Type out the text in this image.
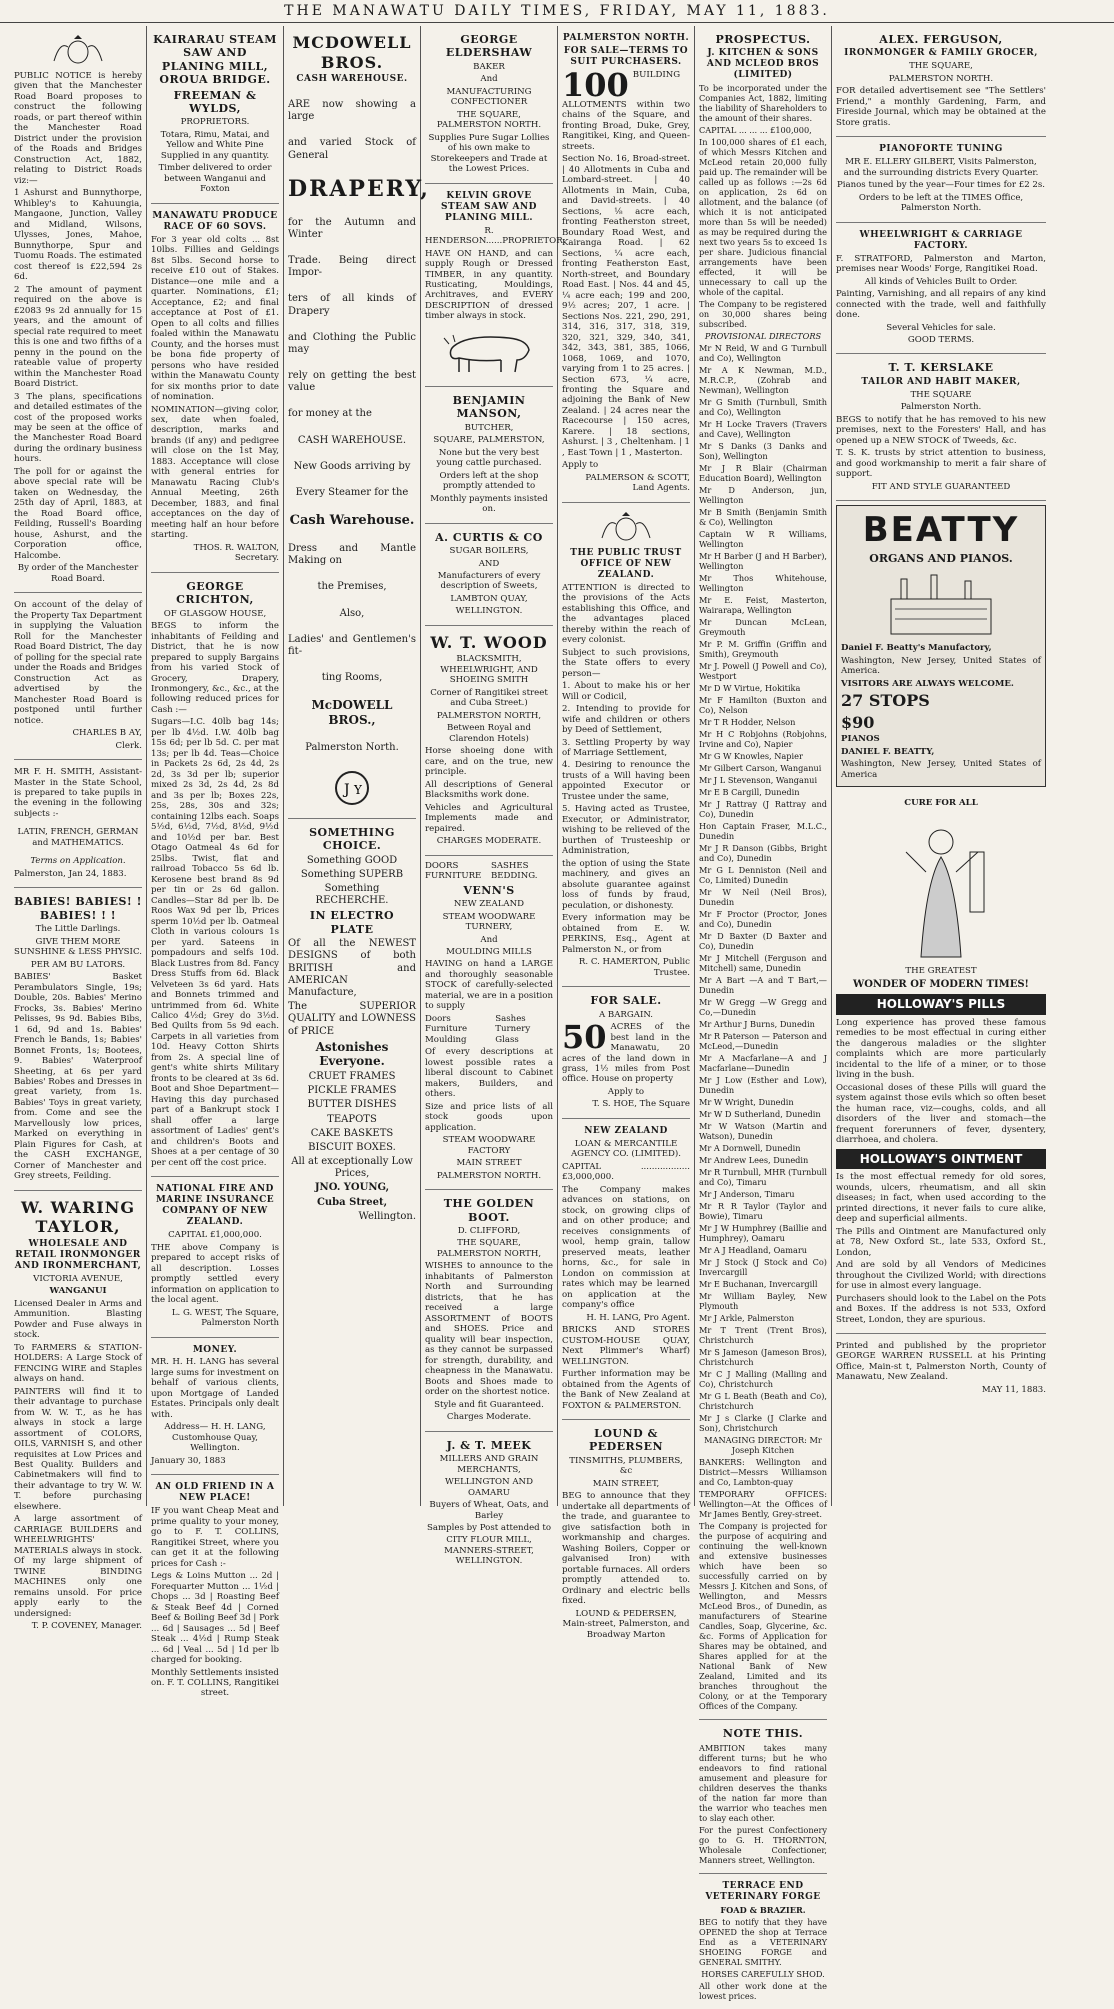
THE MANAWATU DAILY TIMES, FRIDAY, MAY 11, 1883.

PUBLIC NOTICE is hereby given that the Manchester Road Board proposes to construct the following roads, or part thereof within the Manchester Road District under the provision of the Roads and Bridges Construction Act, 1882, relating to District Roads viz:—

1 Ashurst and Bunnythorpe, Whibley's to Kahuungia, Mangaone, Junction, Valley and Midland, Wilsons, Ulysses, Jones, Mahoe, Bunnythorpe, Spur and Tuomu Roads. The estimated cost thereof is £22,594 2s 6d.

2 The amount of payment required on the above is £2083 9s 2d annually for 15 years, and the amount of special rate required to meet this is one and two fifths of a penny in the pound on the rateable value of property within the Manchester Road Board District.

3 The plans, specifications and detailed estimates of the cost of the proposed works may be seen at the office of the Manchester Road Board during the ordinary business hours.

The poll for or against the above special rate will be taken on Wednesday, the 25th day of April, 1883, at the Road Board office, Feilding, Russell's Boarding house, Ashurst, and the Corporation office, Halcombe.

By order of the Manchester Road Board.

On account of the delay of the Property Tax Department in supplying the Valuation Roll for the Manchester Road Board District, The day of polling for the special rate under the Roads and Bridges Construction Act as advertised by the Manchester Road Board is postponed until further notice.

CHARLES B AY,

Clerk.

MR F. H. SMITH, Assistant-Master in the State School, is prepared to take pupils in the evening in the following subjects :-

LATIN, FRENCH, GERMAN and MATHEMATICS.

Terms on Application.

Palmerston, Jan 24, 1883.

BABIES! BABIES! ! BABIES! ! !

The Little Darlings.

GIVE THEM MORE SUNSHINE & LESS PHYSIC.

PER AM BU LATORS.

BABIES' Basket Perambulators Single, 19s; Double, 20s. Babies' Merino Frocks, 3s. Babies' Merino Pelisses, 9s 9d. Babies Bibs, 1 6d, 9d and 1s. Babies' French le Bands, 1s; Babies' Bonnet Fronts, 1s; Bootees, 9. Babies' Waterproof Sheeting, at 6s per yard Babies' Robes and Dresses in great variety, from 1s. Babies' Toys in great variety, from. Come and see the Marvellously low prices, Marked on everything in Plain Figures for Cash, at the CASH EXCHANGE, Corner of Manchester and Grey streets, Feilding.

W. WARING TAYLOR,
WHOLESALE AND RETAIL IRONMONGER AND IRONMERCHANT,

VICTORIA AVENUE,

WANGANUI

Licensed Dealer in Arms and Ammunition. Blasting Powder and Fuse always in stock.

To FARMERS & STATION-HOLDERS: A Large Stock of FENCING WIRE and Staples always on hand.

PAINTERS will find it to their advantage to purchase from W. W. T., as he has always in stock a large assortment of COLORS, OILS, VARNISH S, and other requisites at Low Prices and Best Quality. Builders and Cabinetmakers will find to their advantage to try W. W. T. before purchasing elsewhere.

A large assortment of CARRIAGE BUILDERS and WHEELWRIGHTS' MATERIALS always in stock. Of my large shipment of TWINE BINDING MACHINES only one remains unsold. For price apply early to the undersigned:

T. P. COVENEY, Manager.

KAIRARAU STEAM SAW AND PLANING MILL, OROUA BRIDGE.
FREEMAN & WYLDS,

PROPRIETORS.

Totara, Rimu, Matai, and Yellow and White Pine Supplied in any quantity.

Timber delivered to order between Wanganui and Foxton

MANAWATU PRODUCE RACE OF 60 SOVS.

For 3 year old colts ... 8st 10lbs. Fillies and Geldings 8st 5lbs. Second horse to receive £10 out of Stakes. Distance—one mile and a quarter. Nominations, £1; Acceptance, £2; and final acceptance at Post of £1. Open to all colts and fillies foaled within the Manawatu County, and the horses must be bona fide property of persons who have resided within the Manawatu County for six months prior to date of nomination.

NOMINATION—giving color, sex, date when foaled, description, marks and brands (if any) and pedigree will close on the 1st May, 1883. Acceptance will close with general entries for Manawatu Racing Club's Annual Meeting, 26th December, 1883, and final acceptances on the day of meeting half an hour before starting.

THOS. R. WALTON, Secretary.

GEORGE CRICHTON,

OF GLASGOW HOUSE,

BEGS to inform the inhabitants of Feilding and District, that he is now prepared to supply Bargains from his varied Stock of Grocery, Drapery, Ironmongery, &c., &c., at the following reduced prices for Cash :—

Sugars—I.C. 40lb bag 14s; per lb 4½d. I.W. 40lb bag 15s 6d; per lb 5d. C. per mat 13s; per lb 4d. Teas—Choice in Packets 2s 6d, 2s 4d, 2s 2d, 3s 3d per lb; superior mixed 2s 3d, 2s 4d, 2s 8d and 3s per lb; Boxes 22s, 25s, 28s, 30s and 32s; containing 12lbs each. Soaps 5½d, 6½d, 7½d, 8½d, 9½d and 10½d per bar. Best Otago Oatmeal 4s 6d for 25lbs. Twist, flat and railroad Tobacco 5s 6d lb. Kerosene best brand 8s 9d per tin or 2s 6d gallon. Candles—Star 8d per lb. De Roos Wax 9d per lb, Prices sperm 10½d per lb. Oatmeal Cloth in various colours 1s per yard. Sateens in pompadours and selfs 10d. Black Lustres from 8d. Fancy Dress Stuffs from 6d. Black Velveteen 3s 6d yard. Hats and Bonnets trimmed and untrimmed from 6d. White Calico 4½d; Grey do 3½d. Bed Quilts from 5s 9d each. Carpets in all varieties from 10d. Heavy Cotton Shirts from 2s. A special line of gent's white shirts Military fronts to be cleared at 3s 6d. Boot and Shoe Department—Having this day purchased part of a Bankrupt stock I shall offer a large assortment of Ladies' gent's and children's Boots and Shoes at a per centage of 30 per cent off the cost price.

NATIONAL FIRE AND MARINE INSURANCE COMPANY OF NEW ZEALAND.

CAPITAL £1,000,000.

THE above Company is prepared to accept risks of all description. Losses promptly settled every information on application to the local agent.

L. G. WEST, The Square, Palmerston North

MONEY.

MR. H. H. LANG has several large sums for investment on behalf of various clients, upon Mortgage of Landed Estates. Principals only dealt with.

Address— H. H. LANG, Customhouse Quay, Wellington.

January 30, 1883

AN OLD FRIEND IN A NEW PLACE!

IF you want Cheap Meat and prime quality to your money, go to F. T. COLLINS, Rangitikei Street, where you can get it at the following prices for Cash :-

Legs & Loins Mutton ... 2d | Forequarter Mutton ... 1½d | Chops ... 3d | Roasting Beef & Steak Beef 4d | Corned Beef & Boiling Beef 3d | Pork ... 6d | Sausages ... 5d | Beef Steak ... 4½d | Rump Steak ... 6d | Veal ... 5d | 1d per lb charged for booking.

Monthly Settlements insisted on. F. T. COLLINS, Rangitikei street.

MCDOWELL BROS.
CASH WAREHOUSE.

ARE now showing a large

and varied Stock of General

DRAPERY,

for the Autumn and Winter

Trade. Being direct Impor-

ters of all kinds of Drapery

and Clothing the Public may

rely on getting the best value

for money at the

CASH WAREHOUSE.

New Goods arriving by

Every Steamer for the

Cash Warehouse.

Dress and Mantle Making on

the Premises,

Also,

Ladies' and Gentlemen's fit-

ting Rooms,

McDOWELL BROS.,

Palmerston North.

J Y
SOMETHING CHOICE.

Something GOOD

Something SUPERB

Something RECHERCHE.

IN ELECTRO PLATE

Of all the NEWEST DESIGNS of both BRITISH and AMERICAN Manufacture,

The SUPERIOR QUALITY and LOWNESS of PRICE

Astonishes Everyone.

CRUET FRAMES

PICKLE FRAMES

BUTTER DISHES

TEAPOTS

CAKE BASKETS

BISCUIT BOXES.

All at exceptionally Low Prices,

JNO. YOUNG,

Cuba Street,

Wellington.

GEORGE ELDERSHAW

BAKER

And

MANUFACTURING CONFECTIONER

THE SQUARE, PALMERSTON NORTH.

Supplies Pure Sugar Lollies of his own make to Storekeepers and Trade at the Lowest Prices.

KELVIN GROVE STEAM SAW AND PLANING MILL.

R. HENDERSON......PROPRIETOR.

HAVE ON HAND, and can supply Rough or Dressed TIMBER, in any quantity. Rusticating, Mouldings, Architraves, and EVERY DESCRIPTION of dressed timber always in stock.

BENJAMIN MANSON,

BUTCHER,

SQUARE, PALMERSTON,

None but the very best young cattle purchased.

Orders left at the shop promptly attended to

Monthly payments insisted on.

A. CURTIS & CO

SUGAR BOILERS,

AND

Manufacturers of every description of Sweets,

LAMBTON QUAY,

WELLINGTON.

W. T. WOOD

BLACKSMITH, WHEELWRIGHT, AND SHOEING SMITH

Corner of Rangitikei street and Cuba Street.)

PALMERSTON NORTH,

Between Royal and Clarendon Hotels)

Horse shoeing done with care, and on the true, new principle.

All descriptions of General Blacksmiths work done.

Vehicles and Agricultural Implements made and repaired.

CHARGES MODERATE.

DOORS FURNITURE
SASHES BEDDING.
VENN'S

NEW ZEALAND

STEAM WOODWARE TURNERY,

And

MOULDING MILLS

HAVING on hand a LARGE and thoroughly seasonable STOCK of carefully-selected material, we are in a position to supply

Doors Furniture Moulding
Sashes Turnery Glass

Of every descriptions at lowest possible rates a liberal discount to Cabinet makers, Builders, and others.

Size and price lists of all stock goods upon application.

STEAM WOODWARE FACTORY

MAIN STREET

PALMERSTON NORTH.

THE GOLDEN BOOT.

D. CLIFFORD,

THE SQUARE, PALMERSTON NORTH,

WISHES to announce to the inhabitants of Palmerston North and Surrounding districts, that he has received a large ASSORTMENT of BOOTS and SHOES. Price and quality will bear inspection, as they cannot be surpassed for strength, durability, and cheapness in the Manawatu. Boots and Shoes made to order on the shortest notice.

Style and fit Guaranteed.

Charges Moderate.

J. & T. MEEK

MILLERS AND GRAIN MERCHANTS,

WELLINGTON AND OAMARU

Buyers of Wheat, Oats, and Barley

Samples by Post attended to

CITY FLOUR MILL, MANNERS-STREET, WELLINGTON.

PALMERSTON NORTH.
FOR SALE—TERMS TO SUIT PURCHASERS.
100 BUILDING ALLOTMENTS within two chains of the Square, and fronting Broad, Duke, Grey, Rangitikei, King, and Queen-streets.

Section No. 16, Broad-street. | 40 Allotments in Cuba and Lombard-street. | 40 Allotments in Main, Cuba, and David-streets. | 40 Sections, ⅛ acre each, fronting Featherston street, Boundary Road West, and Kairanga Road. | 62 Sections, ¼ acre each, fronting Featherston East, North-street, and Boundary Road East. | Nos. 44 and 45, ¼ acre each; 199 and 200, 9½ acres; 207, 1 acre. | Sections Nos. 221, 290, 291, 314, 316, 317, 318, 319, 320, 321, 329, 340, 341, 342, 343, 381, 385, 1066, 1068, 1069, and 1070, varying from 1 to 25 acres. | Section 673, ¼ acre, fronting the Square and adjoining the Bank of New Zealand. | 24 acres near the Racecourse | 150 acres, Karere. | 18 sections, Ashurst. | 3 , Cheltenham. | 1 , East Town | 1 , Masterton.

Apply to

PALMERSON & SCOTT, Land Agents.

THE PUBLIC TRUST OFFICE OF NEW ZEALAND.

ATTENTION is directed to the provisions of the Acts establishing this Office, and the advantages placed thereby within the reach of every colonist.

Subject to such provisions, the State offers to every person—

1. About to make his or her Will or Codicil,

2. Intending to provide for wife and children or others by Deed of Settlement,

3. Settling Property by way of Marriage Settlement,

4. Desiring to renounce the trusts of a Will having been appointed Executor or Trustee under the same,

5. Having acted as Trustee, Executor, or Administrator, wishing to be relieved of the burthen of Trusteeship or Administration,

the option of using the State machinery, and gives an absolute guarantee against loss of funds by fraud, peculation, or dishonesty.

Every information may be obtained from E. W. PERKINS, Esq., Agent at Palmerston N., or from

R. C. HAMERTON, Public Trustee.

FOR SALE.

A BARGAIN.

50 ACRES of the best land in the Manawatu, 20 acres of the land down in grass, 1½ miles from Post office. House on property

Apply to

T. S. HOE, The Square

NEW ZEALAND

LOAN & MERCANTILE AGENCY CO. (LIMITED).

CAPITAL .................. £3,000,000.

The Company makes advances on stations, on stock, on growing clips of and on other produce; and receives consignments of wool, hemp grain, tallow preserved meats, leather horns, &c., for sale in London on commission at rates which may be learned on application at the company's office

H. H. LANG, Pro Agent.

BRICKS AND STORES CUSTOM-HOUSE QUAY, Next Plimmer's Wharf) WELLINGTON.

Further information may be obtained from the Agents of the Bank of New Zealand at FOXTON & PALMERSTON.

LOUND & PEDERSEN

TINSMITHS, PLUMBERS, &c

MAIN STREET,

BEG to announce that they undertake all departments of the trade, and guarantee to give satisfaction both in workmanship and charges. Washing Boilers, Copper or galvanised Iron) with portable furnaces. All orders promptly attended to. Ordinary and electric bells fixed.

LOUND & PEDERSEN, Main-street, Palmerston, and Broadway Marton

PROSPECTUS.
J. KITCHEN & SONS AND MCLEOD BROS (LIMITED)

To be incorporated under the Companies Act, 1882, limiting the liability of Shareholders to the amount of their shares.

CAPITAL ... ... ... £100,000,

In 100,000 shares of £1 each, of which Messrs Kitchen and McLeod retain 20,000 fully paid up. The remainder will be called up as follows :—2s 6d on application, 2s 6d on allotment, and the balance (of which it is not anticipated more than 5s will be needed) as may be required during the next two years 5s to exceed 1s per share. Judicious financial arrangements have been effected, it will be unnecessary to call up the whole of the capital.

The Company to be registered on 30,000 shares being subscribed.

PROVISIONAL DIRECTORS

Mr N Reid, W and G Turnbull and Co), Wellington

Mr A K Newman, M.D., M.R.C.P., (Zohrab and Newman), Wellington

Mr G Smith (Turnbull, Smith and Co), Wellington

Mr H Locke Travers (Travers and Cave), Wellington

Mr S Danks (3 Danks and Son), Wellington

Mr J R Blair (Chairman Education Board), Wellington

Mr D Anderson, jun, Wellington

Mr B Smith (Benjamin Smith & Co), Wellington

Captain W R Williams, Wellington

Mr H Barber (J and H Barber), Wellington

Mr Thos Whitehouse, Wellington

Mr E. Feist, Masterton, Wairarapa, Wellington

Mr Duncan McLean, Greymouth

Mr P. M. Griffin (Griffin and Smith), Greymouth

Mr J. Powell (J Powell and Co), Westport

Mr D W Virtue, Hokitika

Mr F Hamilton (Buxton and Co), Nelson

Mr T R Hodder, Nelson

Mr H C Robjohns (Robjohns, Irvine and Co), Napier

Mr G W Knowles, Napier

Mr Gilbert Carson, Wanganui

Mr J L Stevenson, Wanganui

Mr E B Cargill, Dunedin

Mr J Rattray (J Rattray and Co), Dunedin

Hon Captain Fraser, M.L.C., Dunedin

Mr J R Danson (Gibbs, Bright and Co), Dunedin

Mr G L Denniston (Neil and Co, Limited) Dunedin

Mr W Neil (Neil Bros), Dunedin

Mr F Proctor (Proctor, Jones and Co), Dunedin

Mr D Baxter (D Baxter and Co), Dunedin

Mr J Mitchell (Ferguson and Mitchell) same, Dunedin

Mr A Bart —A and T Bart,—Dunedin

Mr W Gregg —W Gregg and Co,—Dunedin

Mr Arthur J Burns, Dunedin

Mr R Paterson — Paterson and McLeod,—Dunedin

Mr A Macfarlane—A and J Macfarlane—Dunedin

Mr J Low (Esther and Low), Dunedin

Mr W Wright, Dunedin

Mr W D Sutherland, Dunedin

Mr W Watson (Martin and Watson), Dunedin

Mr A Dornwell, Dunedin

Mr Andrew Lees, Dunedin

Mr R Turnbull, MHR (Turnbull and Co), Timaru

Mr J Anderson, Timaru

Mr R R Taylor (Taylor and Bowie), Timaru

Mr J W Humphrey (Baillie and Humphrey), Oamaru

Mr A J Headland, Oamaru

Mr J Stock (J Stock and Co) Invercargill

Mr E Buchanan, Invercargill

Mr William Bayley, New Plymouth

Mr J Arkle, Palmerston

Mr T Trent (Trent Bros), Christchurch

Mr S Jameson (Jameson Bros), Christchurch

Mr C J Malling (Malling and Co), Christchurch

Mr G L Beath (Beath and Co), Christchurch

Mr J s Clarke (J Clarke and Son), Christchurch

MANAGING DIRECTOR: Mr Joseph Kitchen

BANKERS: Wellington and District—Messrs Williamson and Co, Lambton-quay

TEMPORARY OFFICES: Wellington—At the Offices of Mr James Bently, Grey-street.

The Company is projected for the purpose of acquiring and continuing the well-known and extensive businesses which have been so successfully carried on by Messrs J. Kitchen and Sons, of Wellington, and Messrs McLeod Bros., of Dunedin, as manufacturers of Stearine Candles, Soap, Glycerine, &c. &c. Forms of Application for Shares may be obtained, and Shares applied for at the National Bank of New Zealand, Limited and its branches throughout the Colony, or at the Temporary Offices of the Company.

NOTE THIS.

AMBITION takes many different turns; but he who endeavors to find rational amusement and pleasure for children deserves the thanks of the nation far more than the warrior who teaches men to slay each other.

For the purest Confectionery go to G. H. THORNTON, Wholesale Confectioner, Manners street, Wellington.

TERRACE END VETERINARY FORGE

FOAD & BRAZIER.

BEG to notify that they have OPENED the shop at Terrace End as a VETERINARY SHOEING FORGE and GENERAL SMITHY.

HORSES CAREFULLY SHOD.

All other work done at the lowest prices.

ALEX. FERGUSON,
IRONMONGER & FAMILY GROCER,

THE SQUARE,

PALMERSTON NORTH.

FOR detailed advertisement see "The Settlers' Friend," a monthly Gardening, Farm, and Fireside Journal, which may be obtained at the Store gratis.

PIANOFORTE TUNING

MR E. ELLERY GILBERT, Visits Palmerston, and the surrounding districts Every Quarter.

Pianos tuned by the year—Four times for £2 2s.

Orders to be left at the TIMES Office, Palmerston North.

WHEELWRIGHT & CARRIAGE FACTORY.

F. STRATFORD, Palmerston and Marton, premises near Woods' Forge, Rangitikei Road.

All kinds of Vehicles Built to Order.

Painting, Varnishing, and all repairs of any kind connected with the trade, well and faithfully done.

Several Vehicles for sale.

GOOD TERMS.

T. T. KERSLAKE
TAILOR AND HABIT MAKER,

THE SQUARE

Palmerston North.

BEGS to notify that he has removed to his new premises, next to the Foresters' Hall, and has opened up a NEW STOCK of Tweeds, &c.

T. S. K. trusts by strict attention to business, and good workmanship to merit a fair share of support.

FIT AND STYLE GUARANTEED

BEATTY
ORGANS AND PIANOS.

Daniel F. Beatty's Manufactory,

Washington, New Jersey, United States of America.

VISITORS ARE ALWAYS WELCOME.

27 STOPS

$90

PIANOS

DANIEL F. BEATTY,

Washington, New Jersey, United States of America

CURE FOR ALL

THE GREATEST

WONDER OF MODERN TIMES!

HOLLOWAY'S PILLS

Long experience has proved these famous remedies to be most effectual in curing either the dangerous maladies or the slighter complaints which are more particularly incidental to the life of a miner, or to those living in the bush.

Occasional doses of these Pills will guard the system against those evils which so often beset the human race, viz—coughs, colds, and all disorders of the liver and stomach—the frequent forerunners of fever, dysentery, diarrhoea, and cholera.

HOLLOWAY'S OINTMENT

Is the most effectual remedy for old sores, wounds, ulcers, rheumatism, and all skin diseases; in fact, when used according to the printed directions, it never fails to cure alike, deep and superficial ailments.

The Pills and Ointment are Manufactured only at 78, New Oxford St., late 533, Oxford St., London,

And are sold by all Vendors of Medicines throughout the Civilized World; with directions for use in almost every language.

Purchasers should look to the Label on the Pots and Boxes. If the address is not 533, Oxford Street, London, they are spurious.

Printed and published by the proprietor GEORGE WARREN RUSSELL at his Printing Office, Main-st t, Palmerston North, County of Manawatu, New Zealand.

MAY 11, 1883.
